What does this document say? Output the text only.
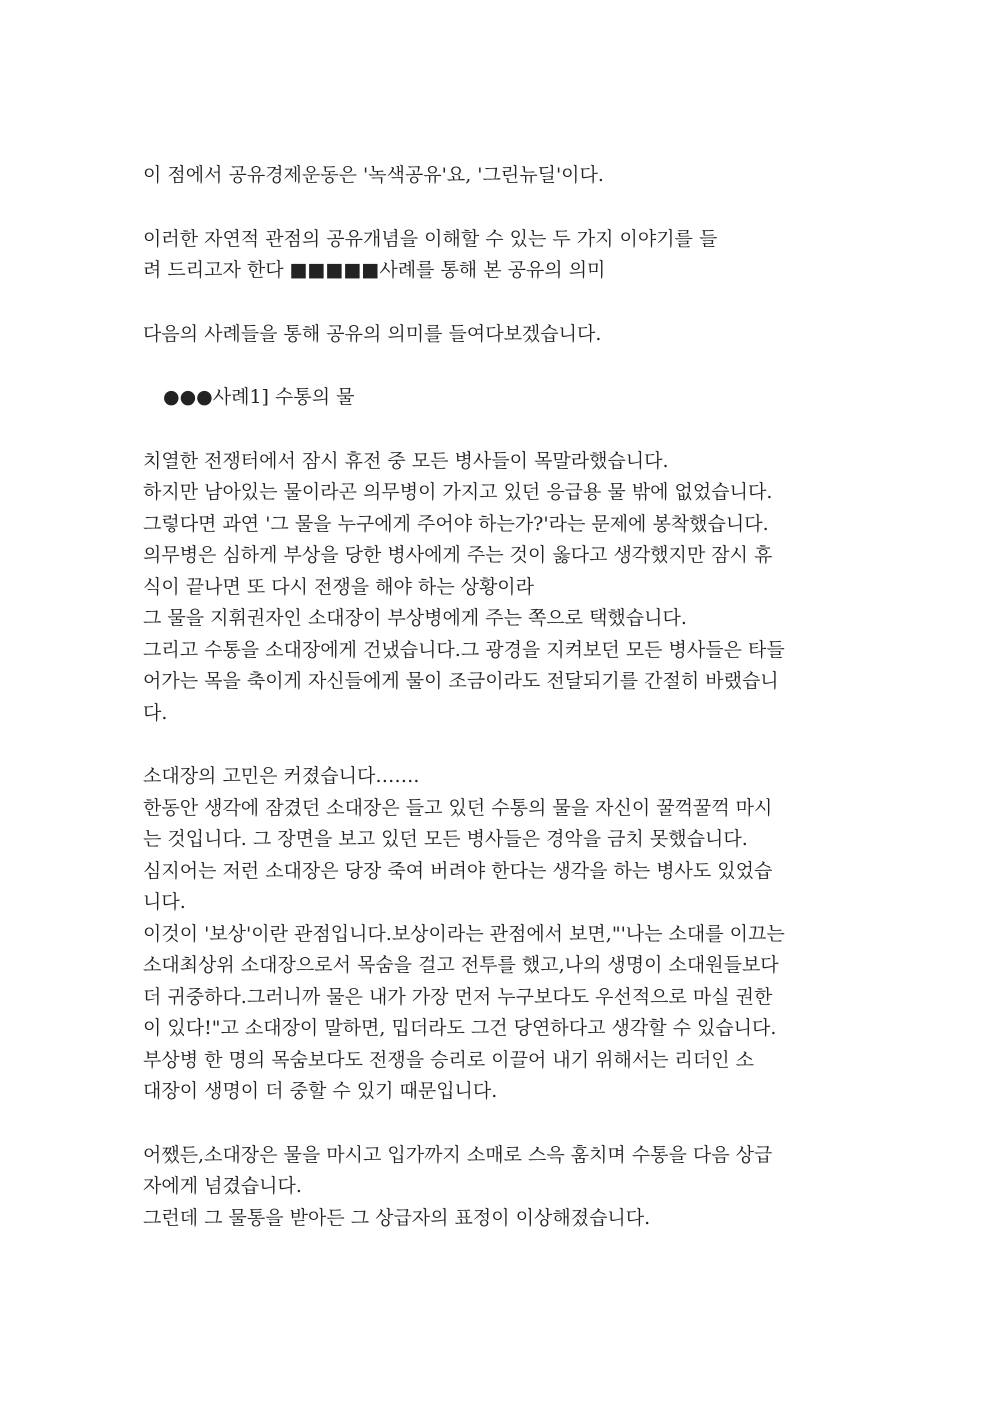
이 점에서 공유경제운동은 '녹색공유'요, '그린뉴딜'이다.

이러한 자연적 관점의 공유개념을 이해할 수 있는 두 가지 이야기를 들
려 드리고자 한다 ■■■■■사례를 통해 본 공유의 의미

다음의 사례들을 통해 공유의 의미를 들여다보겠습니다.

●●●사례1] 수통의 물

치열한 전쟁터에서 잠시 휴전 중 모든 병사들이 목말라했습니다.
하지만 남아있는 물이라곤 의무병이 가지고 있던 응급용 물 밖에 없었습니다.
그렇다면 과연 '그 물을 누구에게 주어야 하는가?'라는 문제에 봉착했습니다.
의무병은 심하게 부상을 당한 병사에게 주는 것이 옳다고 생각했지만 잠시 휴
식이 끝나면 또 다시 전쟁을 해야 하는 상황이라
그 물을 지휘권자인 소대장이 부상병에게 주는 쪽으로 택했습니다.
그리고 수통을 소대장에게 건냈습니다.그 광경을 지켜보던 모든 병사들은 타들
어가는 목을 축이게 자신들에게 물이 조금이라도 전달되기를 간절히 바랬습니
다.

소대장의 고민은 커졌습니다…….
한동안 생각에 잠겼던 소대장은 들고 있던 수통의 물을 자신이 꿀꺽꿀꺽 마시
는 것입니다. 그 장면을 보고 있던 모든 병사들은 경악을 금치 못했습니다.
심지어는 저런 소대장은 당장 죽여 버려야 한다는 생각을 하는 병사도 있었습
니다.
이것이 '보상'이란 관점입니다.보상이라는 관점에서 보면,"'나는 소대를 이끄는
소대최상위 소대장으로서 목숨을 걸고 전투를 했고,나의 생명이 소대원들보다
더 귀중하다.그러니까 물은 내가 가장 먼저 누구보다도 우선적으로 마실 권한
이 있다!"고 소대장이 말하면, 밉더라도 그건 당연하다고 생각할 수 있습니다.
부상병 한 명의 목숨보다도 전쟁을 승리로 이끌어 내기 위해서는 리더인 소
대장이 생명이 더 중할 수 있기 때문입니다.

어쨌든,소대장은 물을 마시고 입가까지 소매로 스윽 훔치며 수통을 다음 상급
자에게 넘겼습니다.
그런데 그 물통을 받아든 그 상급자의 표정이 이상해졌습니다.
